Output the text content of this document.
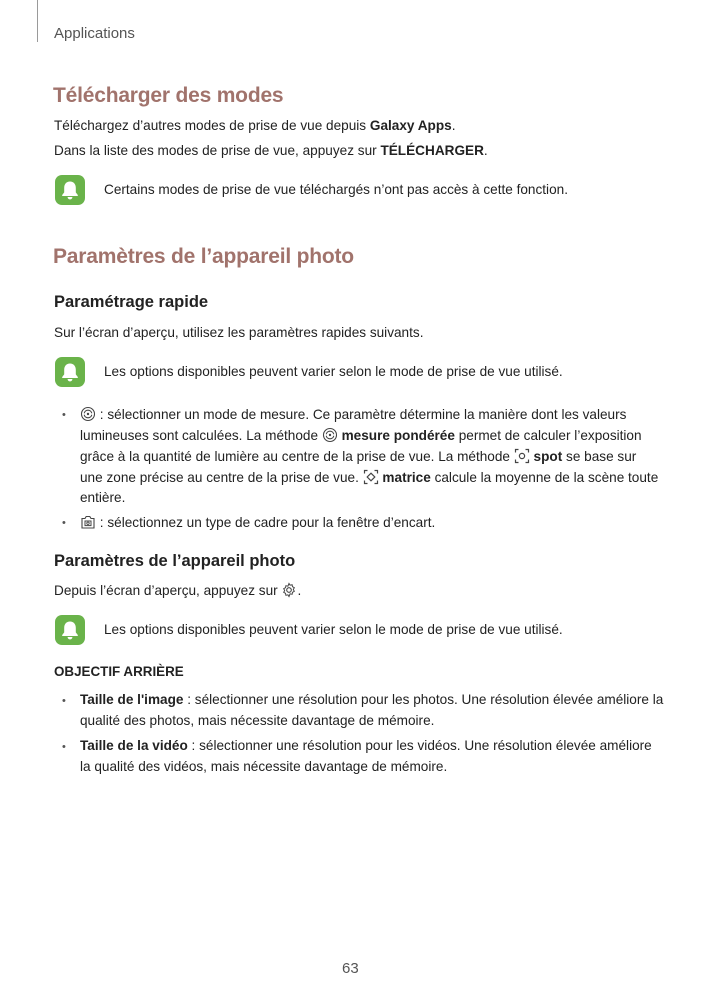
Applications
Télécharger des modes
Téléchargez d’autres modes de prise de vue depuis Galaxy Apps.
Dans la liste des modes de prise de vue, appuyez sur TÉLÉCHARGER.
Certains modes de prise de vue téléchargés n’ont pas accès à cette fonction.
Paramètres de l’appareil photo
Paramétrage rapide
Sur l’écran d’aperçu, utilisez les paramètres rapides suivants.
Les options disponibles peuvent varier selon le mode de prise de vue utilisé.
•	: sélectionner un mode de mesure. Ce paramètre détermine la manière dont les valeurs
lumineuses sont calculées. La méthode
mesure pondérée permet de calculer l’exposition
grâce à la quantité de lumière au centre de la prise de vue. La méthode
spot se base sur
une zone précise au centre de la prise de vue.
matrice calcule la moyenne de la scène toute
entière.
•	: sélectionnez un type de cadre pour la fenêtre d’encart.
Paramètres de l’appareil photo
Depuis l’écran d’aperçu, appuyez sur
.
Les options disponibles peuvent varier selon le mode de prise de vue utilisé.
OBJECTIF ARRIÈRE
• Taille de l'image : sélectionner une résolution pour les photos. Une résolution élevée améliore la
qualité des photos, mais nécessite davantage de mémoire.
• Taille de la vidéo : sélectionner une résolution pour les vidéos. Une résolution élevée améliore
la qualité des vidéos, mais nécessite davantage de mémoire.
63
